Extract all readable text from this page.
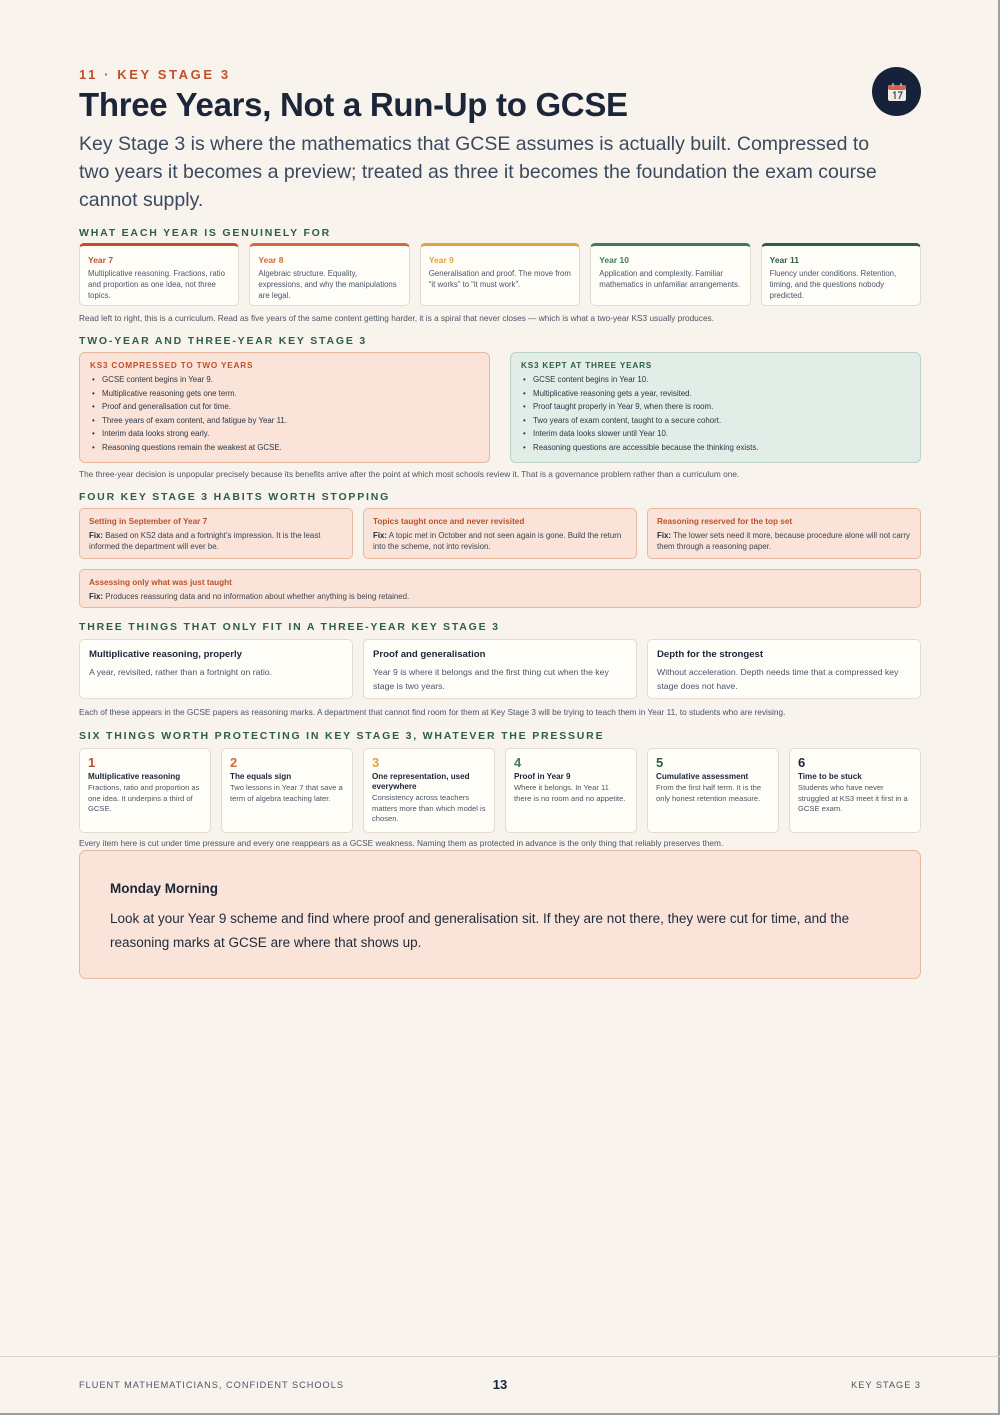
11 · KEY STAGE 3
Three Years, Not a Run-Up to GCSE

Key Stage 3 is where the mathematics that GCSE assumes is actually built. Compressed to two years it becomes a preview; treated as three it becomes the foundation the exam course cannot supply.

WHAT EACH YEAR IS GENUINELY FOR
Year 7
Multiplicative reasoning. Fractions, ratio and proportion as one idea, not three topics.
Year 8
Algebraic structure. Equality, expressions, and why the manipulations are legal.
Year 9
Generalisation and proof. The move from “it works” to “it must work”.
Year 10
Application and complexity. Familiar mathematics in unfamiliar arrangements.
Year 11
Fluency under conditions. Retention, timing, and the questions nobody predicted.
Read left to right, this is a curriculum. Read as five years of the same content getting harder, it is a spiral that never closes — which is what a two-year KS3 usually produces.
TWO-YEAR AND THREE-YEAR KEY STAGE 3
KS3 COMPRESSED TO TWO YEARS
• GCSE content begins in Year 9.
• Multiplicative reasoning gets one term.
• Proof and generalisation cut for time.
• Three years of exam content, and fatigue by Year 11.
• Interim data looks strong early.
• Reasoning questions remain the weakest at GCSE.
KS3 KEPT AT THREE YEARS
• GCSE content begins in Year 10.
• Multiplicative reasoning gets a year, revisited.
• Proof taught properly in Year 9, when there is room.
• Two years of exam content, taught to a secure cohort.
• Interim data looks slower until Year 10.
• Reasoning questions are accessible because the thinking exists.
The three-year decision is unpopular precisely because its benefits arrive after the point at which most schools review it. That is a governance problem rather than a curriculum one.
FOUR KEY STAGE 3 HABITS WORTH STOPPING
Setting in September of Year 7
Fix: Based on KS2 data and a fortnight’s impression. It is the least informed the department will ever be.
Topics taught once and never revisited
Fix: A topic met in October and not seen again is gone. Build the return into the scheme, not into revision.
Reasoning reserved for the top set
Fix: The lower sets need it more, because procedure alone will not carry them through a reasoning paper.
Assessing only what was just taught
Fix: Produces reassuring data and no information about whether anything is being retained.
THREE THINGS THAT ONLY FIT IN A THREE-YEAR KEY STAGE 3
Multiplicative reasoning, properly
A year, revisited, rather than a fortnight on ratio.
Proof and generalisation
Year 9 is where it belongs and the first thing cut when the key stage is two years.
Depth for the strongest
Without acceleration. Depth needs time that a compressed key stage does not have.
Each of these appears in the GCSE papers as reasoning marks. A department that cannot find room for them at Key Stage 3 will be trying to teach them in Year 11, to students who are revising.
SIX THINGS WORTH PROTECTING IN KEY STAGE 3, WHATEVER THE PRESSURE
1
Multiplicative reasoning
Fractions, ratio and proportion as one idea. It underpins a third of GCSE.
2
The equals sign
Two lessons in Year 7 that save a term of algebra teaching later.
3
One representation, used everywhere
Consistency across teachers matters more than which model is chosen.
4
Proof in Year 9
Where it belongs. In Year 11 there is no room and no appetite.
5
Cumulative assessment
From the first half term. It is the only honest retention measure.
6
Time to be stuck
Students who have never struggled at KS3 meet it first in a GCSE exam.
Every item here is cut under time pressure and every one reappears as a GCSE weakness. Naming them as protected in advance is the only thing that reliably preserves them.
Monday Morning
Look at your Year 9 scheme and find where proof and generalisation sit. If they are not there, they were cut for time, and the reasoning marks at GCSE are where that shows up.
FLUENT MATHEMATICIANS, CONFIDENT SCHOOLS	13	KEY STAGE 3
